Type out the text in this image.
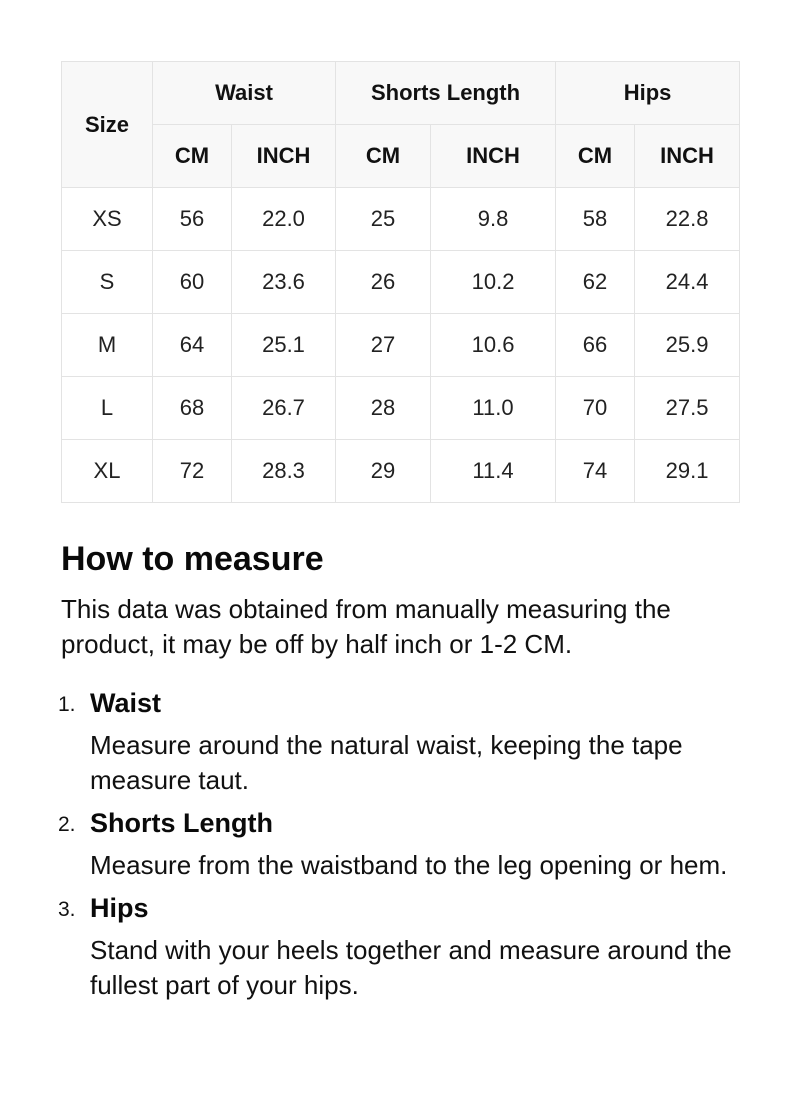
Size	Waist		Shorts Length		Hips	
	CM	INCH	CM	INCH	CM	INCH
XS	56	22.0	25	9.8	58	22.8
S	60	23.6	26	10.2	62	24.4
M	64	25.1	27	10.6	66	25.9
L	68	26.7	28	11.0	70	27.5
XL	72	28.3	29	11.4	74	29.1
How to measure

This data was obtained from manually measuring the product, it may be off by half inch or 1-2 CM.

1. Waist
Measure around the natural waist, keeping the tape measure taut.
2. Shorts Length
Measure from the waistband to the leg opening or hem.
3. Hips
Stand with your heels together and measure around the fullest part of your hips.
